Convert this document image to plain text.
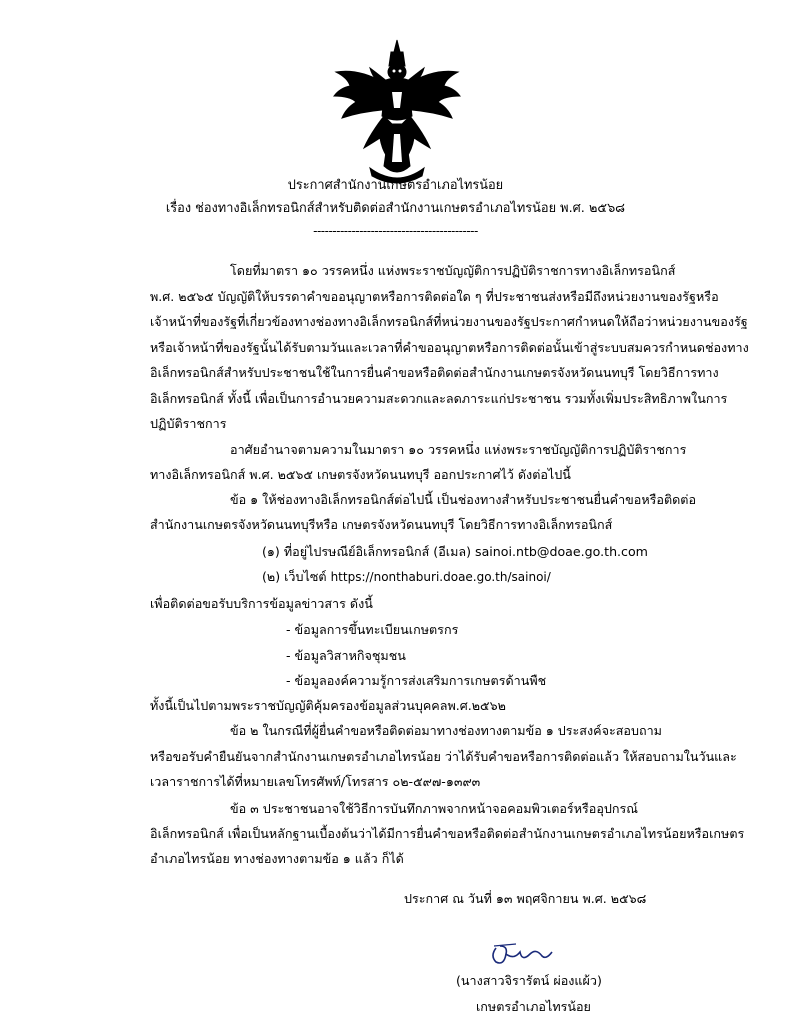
ประกาศสำนักงานเกษตรอำเภอไทรน้อย
เรื่อง ช่องทางอิเล็กทรอนิกส์สำหรับติดต่อสำนักงานเกษตรอำเภอไทรน้อย พ.ศ. ๒๕๖๘
-------------------------------------------
โดยที่มาตรา ๑๐ วรรคหนึ่ง แห่งพระราชบัญญัติการปฏิบัติราชการทางอิเล็กทรอนิกส์
พ.ศ. ๒๕๖๕ บัญญัติให้บรรดาคำขออนุญาตหรือการติดต่อใด ๆ ที่ประชาชนส่งหรือมีถึงหน่วยงานของรัฐหรือ
เจ้าหน้าที่ของรัฐที่เกี่ยวข้องทางช่องทางอิเล็กทรอนิกส์ที่หน่วยงานของรัฐประกาศกำหนดให้ถือว่าหน่วยงานของรัฐ
หรือเจ้าหน้าที่ของรัฐนั้นได้รับตามวันและเวลาที่คำขออนุญาตหรือการติดต่อนั้นเข้าสู่ระบบสมควรกำหนดช่องทาง
อิเล็กทรอนิกส์สำหรับประชาชนใช้ในการยื่นคำขอหรือติดต่อสำนักงานเกษตรจังหวัดนนทบุรี โดยวิธีการทาง
อิเล็กทรอนิกส์ ทั้งนี้ เพื่อเป็นการอำนวยความสะดวกและลดภาระแก่ประชาชน รวมทั้งเพิ่มประสิทธิภาพในการ
ปฏิบัติราชการ
อาศัยอำนาจตามความในมาตรา ๑๐ วรรคหนึ่ง แห่งพระราชบัญญัติการปฏิบัติราชการ
ทางอิเล็กทรอนิกส์ พ.ศ. ๒๕๖๕ เกษตรจังหวัดนนทบุรี ออกประกาศไว้ ดังต่อไปนี้
ข้อ ๑ ให้ช่องทางอิเล็กทรอนิกส์ต่อไปนี้ เป็นช่องทางสำหรับประชาชนยื่นคำขอหรือติดต่อ
สำนักงานเกษตรจังหวัดนนทบุรีหรือ เกษตรจังหวัดนนทบุรี โดยวิธีการทางอิเล็กทรอนิกส์
(๑) ที่อยู่ไปรษณีย์อิเล็กทรอนิกส์ (อีเมล) sainoi.ntb@doae.go.th.com
(๒) เว็บไซต์ https://nonthaburi.doae.go.th/sainoi/
เพื่อติดต่อขอรับบริการข้อมูลข่าวสาร ดังนี้
- ข้อมูลการขึ้นทะเบียนเกษตรกร
- ข้อมูลวิสาหกิจชุมชน
- ข้อมูลองค์ความรู้การส่งเสริมการเกษตรด้านพืช
ทั้งนี้เป็นไปตามพระราชบัญญัติคุ้มครองข้อมูลส่วนบุคคลพ.ศ.๒๕๖๒
ข้อ ๒ ในกรณีที่ผู้ยื่นคำขอหรือติดต่อมาทางช่องทางตามข้อ ๑ ประสงค์จะสอบถาม
หรือขอรับคำยืนยันจากสำนักงานเกษตรอำเภอไทรน้อย ว่าได้รับคำขอหรือการติดต่อแล้ว ให้สอบถามในวันและ
เวลาราชการได้ที่หมายเลขโทรศัพท์/โทรสาร ๐๒-๕๙๗-๑๓๙๓
ข้อ ๓ ประชาชนอาจใช้วิธีการบันทึกภาพจากหน้าจอคอมพิวเตอร์หรืออุปกรณ์
อิเล็กทรอนิกส์ เพื่อเป็นหลักฐานเบื้องต้นว่าได้มีการยื่นคำขอหรือติดต่อสำนักงานเกษตรอำเภอไทรน้อยหรือเกษตร
อำเภอไทรน้อย ทางช่องทางตามข้อ ๑ แล้ว ก็ได้
ประกาศ ณ วันที่ ๑๓ พฤศจิกายน พ.ศ. ๒๕๖๘
(นางสาวจิรารัตน์ ผ่องแผ้ว)
เกษตรอำเภอไทรน้อย
